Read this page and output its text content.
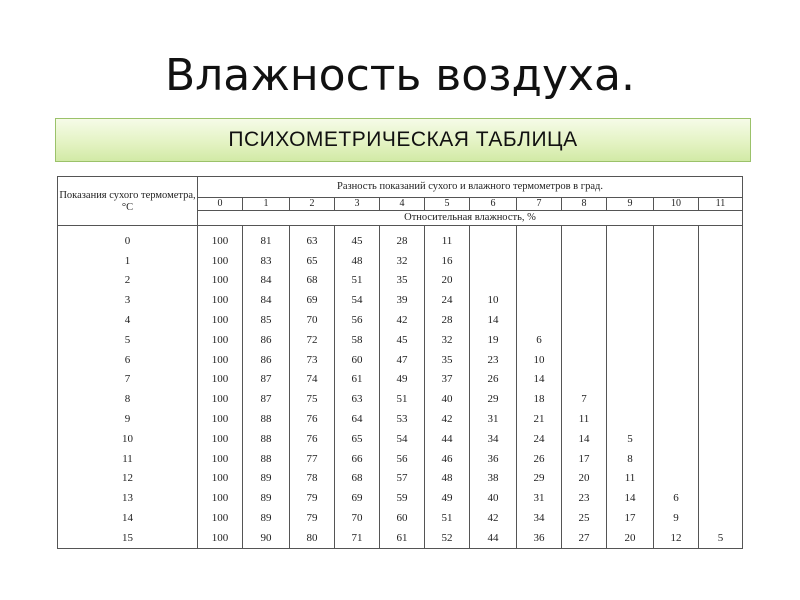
Влажность воздуха.
ПСИХОМЕТРИЧЕСКАЯ ТАБЛИЦА
Показания сухого термометра, °С	Разность показаний сухого и влажного термометров в град.											
	0	1	2	3	4	5	6	7	8	9	10	11
	Относительная влажность, %											
0	100	81	63	45	28	11						
1	100	83	65	48	32	16						
2	100	84	68	51	35	20						
3	100	84	69	54	39	24	10					
4	100	85	70	56	42	28	14					
5	100	86	72	58	45	32	19	6				
6	100	86	73	60	47	35	23	10				
7	100	87	74	61	49	37	26	14				
8	100	87	75	63	51	40	29	18	7			
9	100	88	76	64	53	42	31	21	11			
10	100	88	76	65	54	44	34	24	14	5		
11	100	88	77	66	56	46	36	26	17	8		
12	100	89	78	68	57	48	38	29	20	11		
13	100	89	79	69	59	49	40	31	23	14	6	
14	100	89	79	70	60	51	42	34	25	17	9	
15	100	90	80	71	61	52	44	36	27	20	12	5
